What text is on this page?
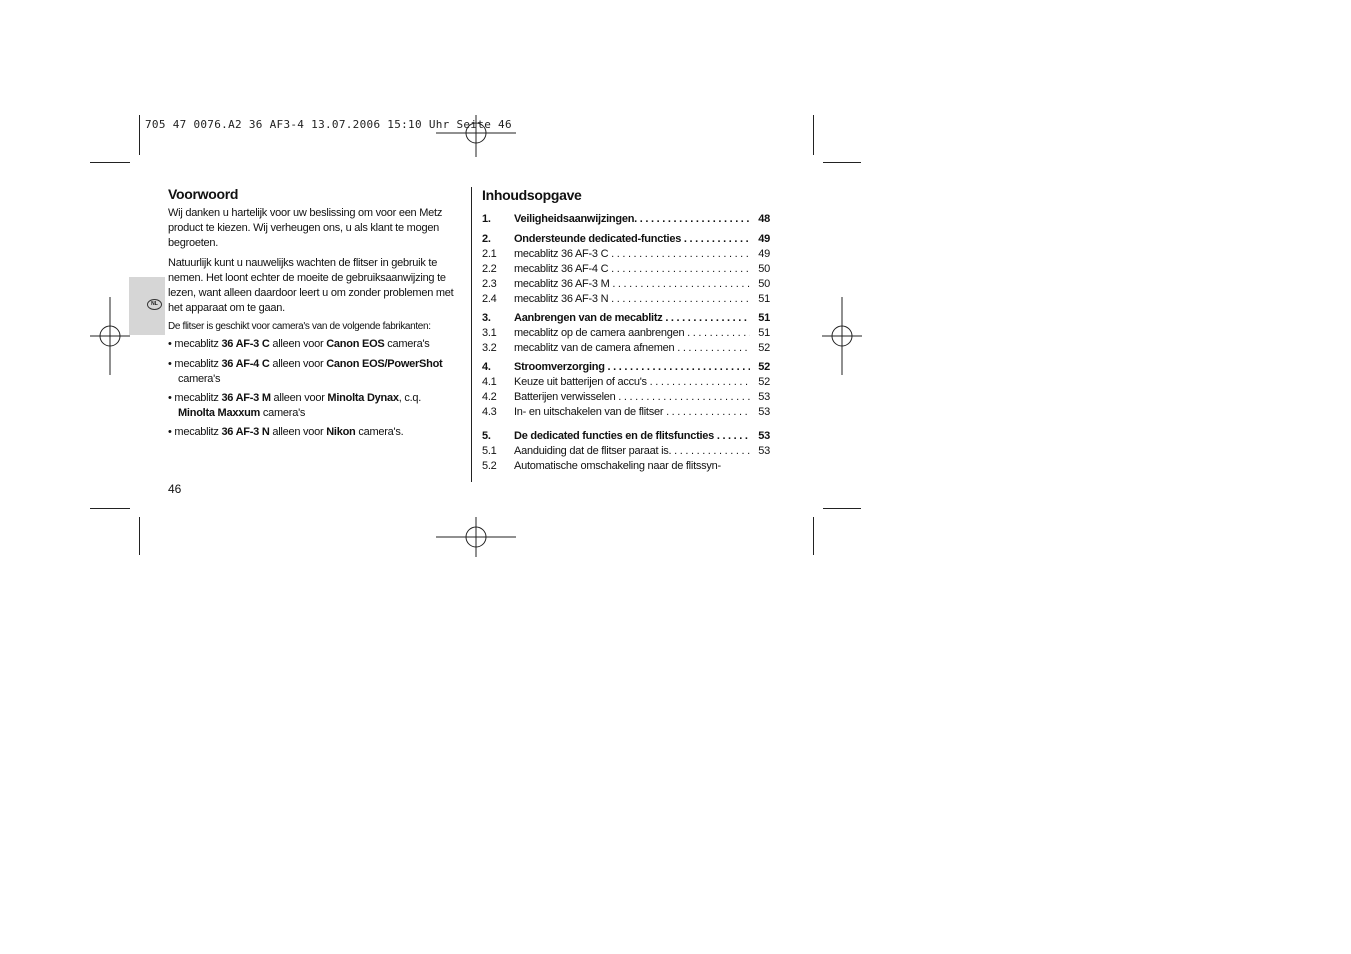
705 47 0076.A2 36 AF3-4 13.07.2006 15:10 Uhr Seite 46
NL
Voorwoord
Wij danken u hartelijk voor uw beslissing om voor een Metz product te kiezen. Wij verheugen ons, u als klant te mogen begroeten.
Natuurlijk kunt u nauwelijks wachten de flitser in gebruik te nemen. Het loont echter de moeite de gebruiksaanwijzing te lezen, want alleen daardoor leert u om zonder problemen met het apparaat om te gaan.
De flitser is geschikt voor camera's van de volgende fabrikanten:
• mecablitz 36 AF-3 C alleen voor Canon EOS camera's
• mecablitz 36 AF-4 C alleen voor Canon EOS/PowerShot camera's
• mecablitz 36 AF-3 M alleen voor Minolta Dynax, c.q. Minolta Maxxum camera's
• mecablitz 36 AF-3 N alleen voor Nikon camera's.
46
Inhoudsopgave
1.	Veiligheidsaanwijzingen. . . .	48
2.	Ondersteunde dedicated-functies . . .	49
2.1	mecablitz 36 AF-3 C . . .	49
2.2	mecablitz 36 AF-4 C . . .	50
2.3	mecablitz 36 AF-3 M . . .	50
2.4	mecablitz 36 AF-3 N . . .	51
3.	Aanbrengen van de mecablitz . . .	51
3.1	mecablitz op de camera aanbrengen . . .	51
3.2	mecablitz van de camera afnemen . . .	52
4.	Stroomverzorging . . .	52
4.1	Keuze uit batterijen of accu's . . .	52
4.2	Batterijen verwisselen . . .	53
4.3	In- en uitschakelen van de flitser . . .	53
5.	De dedicated functies en de flitsfuncties . . .	53
5.1	Aanduiding dat de flitser paraat is. . . .	53
5.2	Automatische omschakeling naar de flitssyn-
